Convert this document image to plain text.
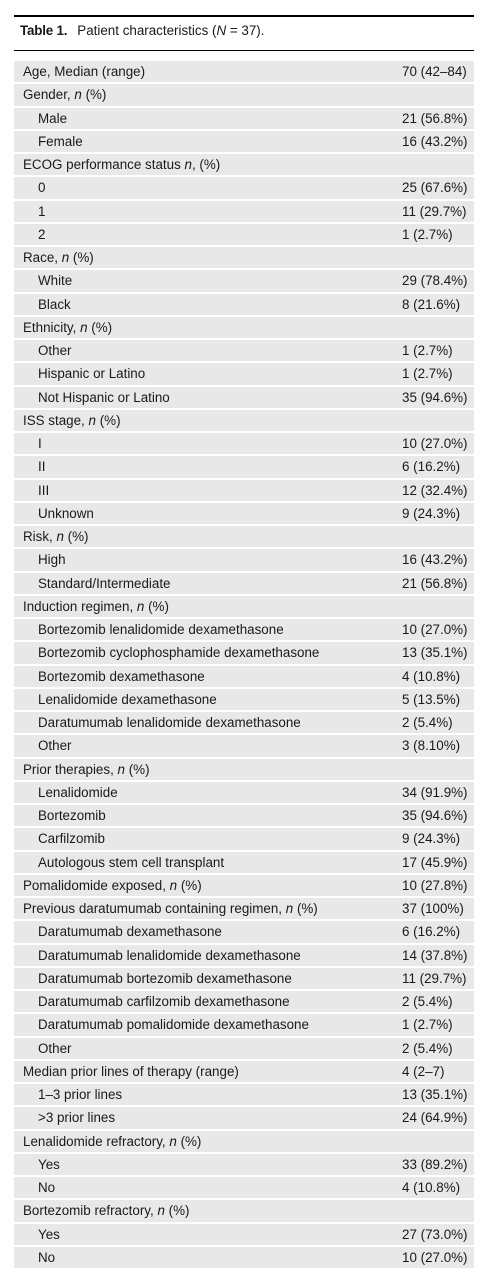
Table 1. Patient characteristics (N = 37).
Age, Median (range)	70 (42–84)
Gender, n (%)	
Male	21 (56.8%)
Female	16 (43.2%)
ECOG performance status n, (%)	
0	25 (67.6%)
1	11 (29.7%)
2	1 (2.7%)
Race, n (%)	
White	29 (78.4%)
Black	8 (21.6%)
Ethnicity, n (%)	
Other	1 (2.7%)
Hispanic or Latino	1 (2.7%)
Not Hispanic or Latino	35 (94.6%)
ISS stage, n (%)	
I	10 (27.0%)
II	6 (16.2%)
III	12 (32.4%)
Unknown	9 (24.3%)
Risk, n (%)	
High	16 (43.2%)
Standard/Intermediate	21 (56.8%)
Induction regimen, n (%)	
Bortezomib lenalidomide dexamethasone	10 (27.0%)
Bortezomib cyclophosphamide dexamethasone	13 (35.1%)
Bortezomib dexamethasone	4 (10.8%)
Lenalidomide dexamethasone	5 (13.5%)
Daratumumab lenalidomide dexamethasone	2 (5.4%)
Other	3 (8.10%)
Prior therapies, n (%)	
Lenalidomide	34 (91.9%)
Bortezomib	35 (94.6%)
Carfilzomib	9 (24.3%)
Autologous stem cell transplant	17 (45.9%)
Pomalidomide exposed, n (%)	10 (27.8%)
Previous daratumumab containing regimen, n (%)	37 (100%)
Daratumumab dexamethasone	6 (16.2%)
Daratumumab lenalidomide dexamethasone	14 (37.8%)
Daratumumab bortezomib dexamethasone	11 (29.7%)
Daratumumab carfilzomib dexamethasone	2 (5.4%)
Daratumumab pomalidomide dexamethasone	1 (2.7%)
Other	2 (5.4%)
Median prior lines of therapy (range)	4 (2–7)
1–3 prior lines	13 (35.1%)
>3 prior lines	24 (64.9%)
Lenalidomide refractory, n (%)	
Yes	33 (89.2%)
No	4 (10.8%)
Bortezomib refractory, n (%)	
Yes	27 (73.0%)
No	10 (27.0%)
